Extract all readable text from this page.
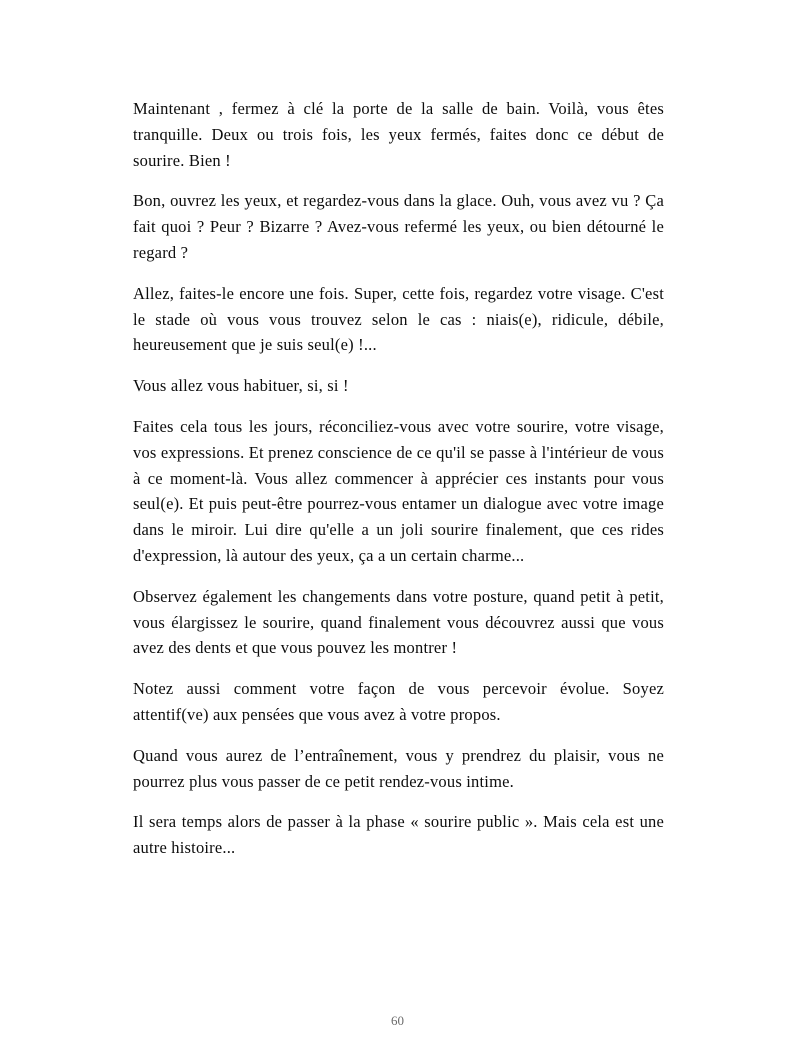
Maintenant , fermez à clé la porte de la salle de bain. Voilà, vous êtes tranquille. Deux ou trois fois, les yeux fermés, faites donc ce début de sourire. Bien !

Bon, ouvrez les yeux, et regardez-vous dans la glace. Ouh, vous avez vu ? Ça fait quoi ? Peur ? Bizarre ? Avez-vous refermé les yeux, ou bien détourné le regard ?

Allez, faites-le encore une fois. Super, cette fois, regardez votre visage. C'est le stade où vous vous trouvez selon le cas : niais(e), ridicule, débile, heureusement que je suis seul(e) !...

Vous allez vous habituer, si, si !

Faites cela tous les jours, réconciliez-vous avec votre sourire, votre visage, vos expressions. Et prenez conscience de ce qu'il se passe à l'intérieur de vous à ce moment-là. Vous allez commencer à apprécier ces instants pour vous seul(e). Et puis peut-être pourrez-vous entamer un dialogue avec votre image dans le miroir. Lui dire qu'elle a un joli sourire finalement, que ces rides d'expression, là autour des yeux, ça a un certain charme...

Observez également les changements dans votre posture, quand petit à petit, vous élargissez le sourire, quand finalement vous découvrez aussi que vous avez des dents et que vous pouvez les montrer !

Notez aussi comment votre façon de vous percevoir évolue. Soyez attentif(ve) aux pensées que vous avez à votre propos.

Quand vous aurez de l’entraînement, vous y prendrez du plaisir, vous ne pourrez plus vous passer de ce petit rendez-vous intime.

Il sera temps alors de passer à la phase « sourire public ». Mais cela est une autre histoire...

60
